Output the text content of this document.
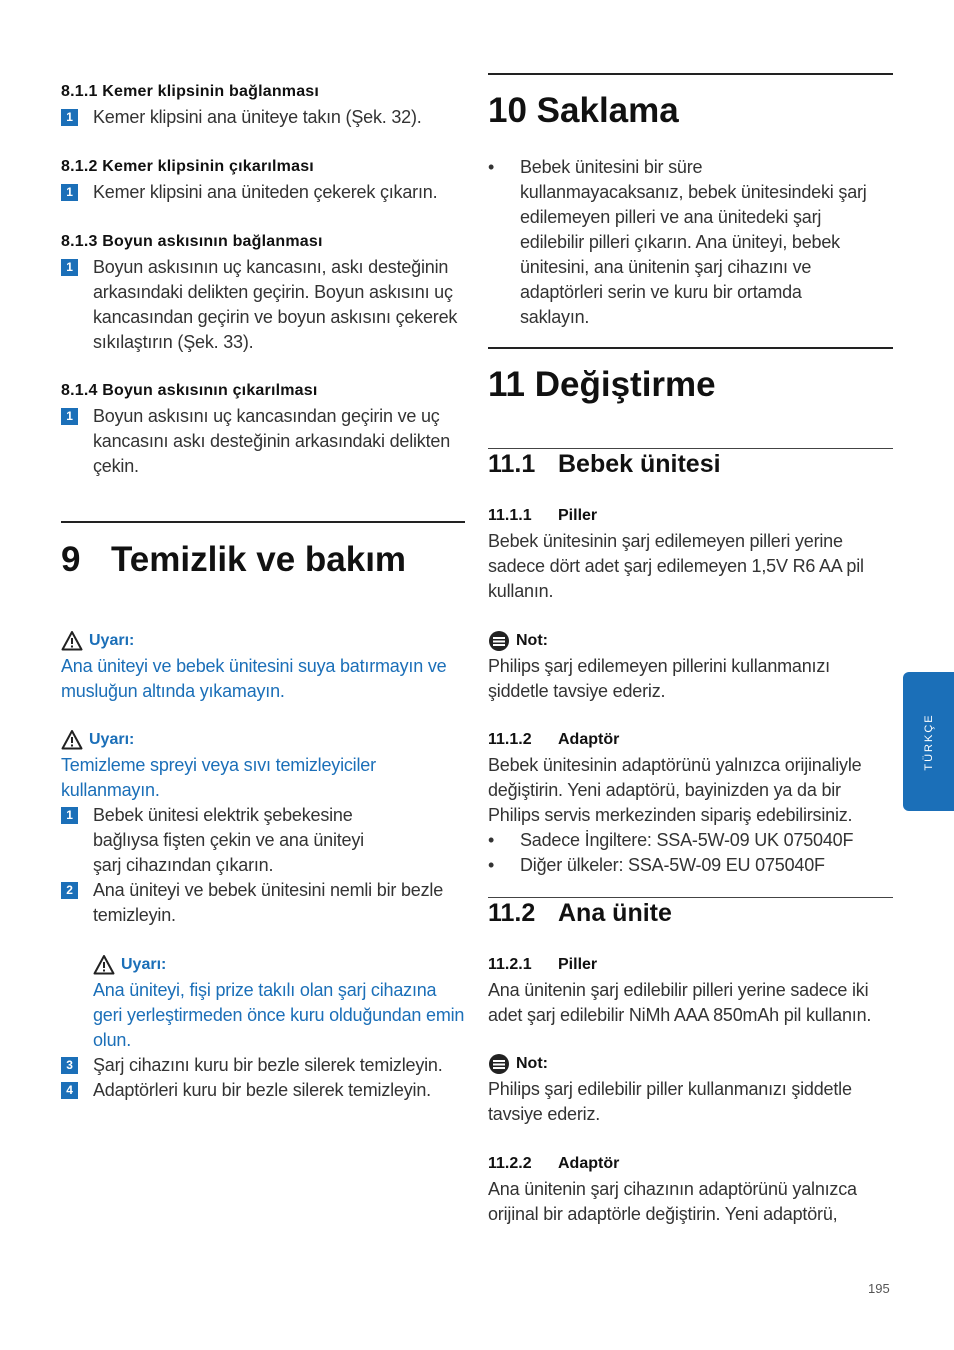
8.1.1 Kemer klipsinin bağlanması
1 Kemer klipsini ana üniteye takın (Şek. 32).
8.1.2 Kemer klipsinin çıkarılması
1 Kemer klipsini ana üniteden çekerek çıkarın.
8.1.3 Boyun askısının bağlanması
1 Boyun askısının uç kancasını, askı desteğinin arkasındaki delikten geçirin. Boyun askısını uç kancasından geçirin ve boyun askısını çekerek sıkılaştırın (Şek. 33).
8.1.4 Boyun askısının çıkarılması
1 Boyun askısını uç kancasından geçirin ve uç kancasını askı desteğinin arkasındaki delikten çekin.
9 Temizlik ve bakım
Uyarı:
Ana üniteyi ve bebek ünitesini suya batırmayın ve musluğun altında yıkamayın.
Uyarı:
Temizleme spreyi veya sıvı temizleyiciler kullanmayın.
1 Bebek ünitesi elektrik şebekesine bağlıysa fişten çekin ve ana üniteyi şarj cihazından çıkarın.
2 Ana üniteyi ve bebek ünitesini nemli bir bezle temizleyin.
Uyarı:
Ana üniteyi, fişi prize takılı olan şarj cihazına geri yerleştirmeden önce kuru olduğundan emin olun.
3 Şarj cihazını kuru bir bezle silerek temizleyin.
4 Adaptörleri kuru bir bezle silerek temizleyin.
10 Saklama
•	Bebek ünitesini bir süre kullanmayacaksanız, bebek ünitesindeki şarj edilemeyen pilleri ve ana ünitedeki şarj edilebilir pilleri çıkarın. Ana üniteyi, bebek ünitesini, ana ünitenin şarj cihazını ve adaptörleri serin ve kuru bir ortamda saklayın.
11 Değiştirme
11.1 Bebek ünitesi
11.1.1 Piller
Bebek ünitesinin şarj edilemeyen pilleri yerine sadece dört adet şarj edilemeyen 1,5V R6 AA pil kullanın.
Not:
Philips şarj edilemeyen pillerini kullanmanızı şiddetle tavsiye ederiz.
11.1.2 Adaptör
Bebek ünitesinin adaptörünü yalnızca orijinaliyle değiştirin. Yeni adaptörü, bayinizden ya da bir Philips servis merkezinden sipariş edebilirsiniz.
•	Sadece İngiltere: SSA-5W-09 UK 075040F
•	Diğer ülkeler: SSA-5W-09 EU 075040F
11.2 Ana ünite
11.2.1 Piller
Ana ünitenin şarj edilebilir pilleri yerine sadece iki adet şarj edilebilir NiMh AAA 850mAh pil kullanın.
Not:
Philips şarj edilebilir piller kullanmanızı şiddetle tavsiye ederiz.
11.2.2 Adaptör
Ana ünitenin şarj cihazının adaptörünü yalnızca orijinal bir adaptörle değiştirin. Yeni adaptörü,
TÜRKÇE
195
